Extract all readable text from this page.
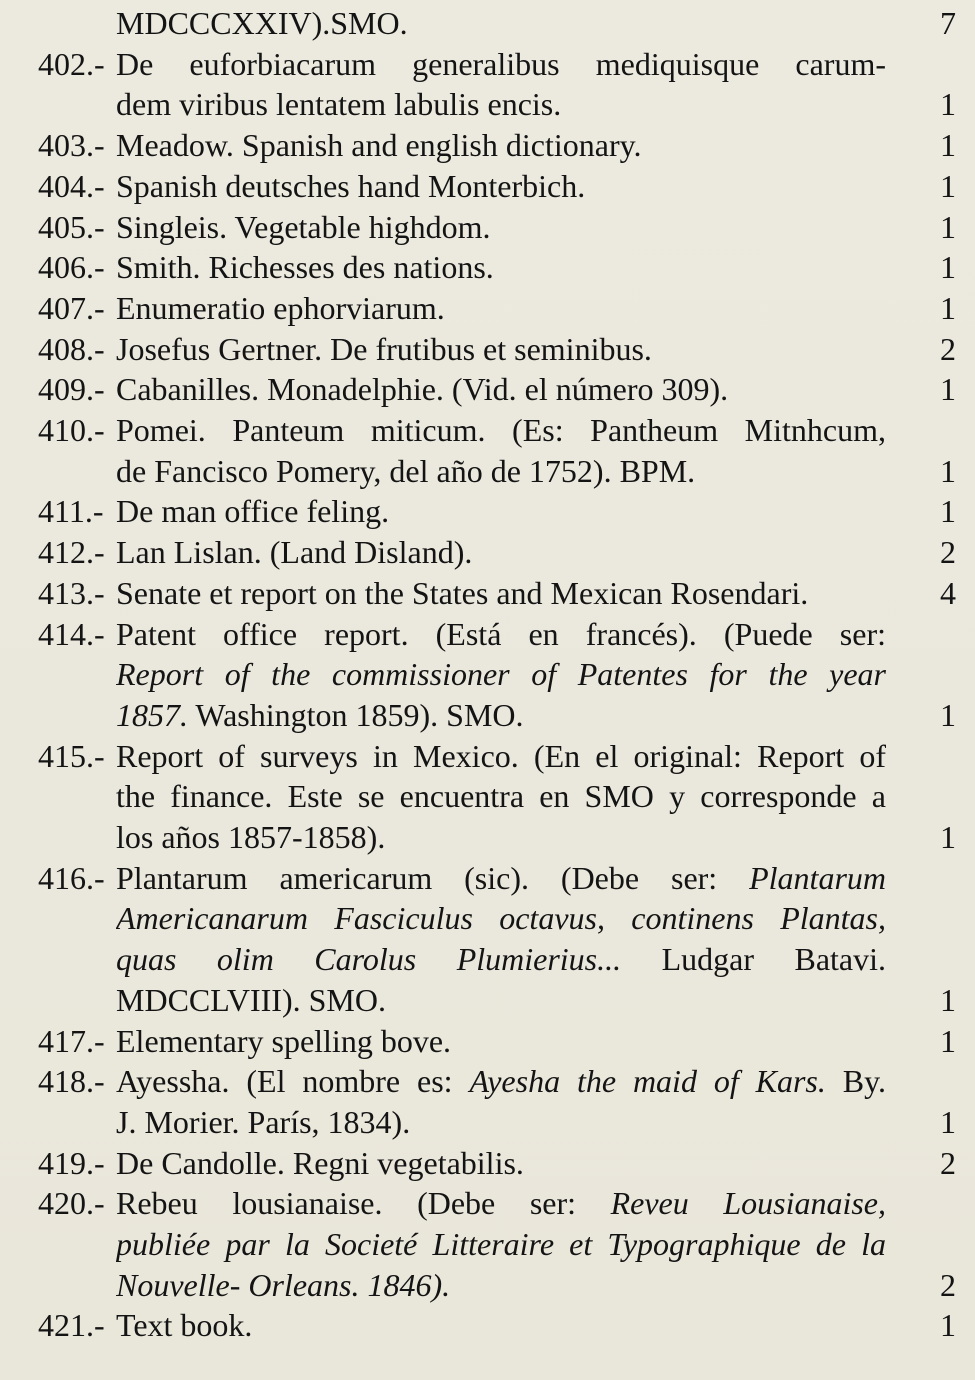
MDCCCXXIV).SMO.	7
402.- De euforbiacarum generalibus mediquisque carum-
dem viribus lentatem labulis encis.	1
403.- Meadow. Spanish and english dictionary.	1
404.- Spanish deutsches hand Monterbich.	1
405.- Singleis. Vegetable highdom.	1
406.- Smith. Richesses des nations.	1
407.- Enumeratio ephorviarum.	1
408.- Josefus Gertner. De frutibus et seminibus.	2
409.- Cabanilles. Monadelphie. (Vid. el número 309).	1
410.- Pomei. Panteum miticum. (Es: Pantheum Mitnhcum,
de Fancisco Pomery, del año de 1752). BPM.	1
411.- De man office feling.	1
412.- Lan Lislan. (Land Disland).	2
413.- Senate et report on the States and Mexican Rosendari.	4
414.- Patent office report. (Está en francés). (Puede ser:
Report of the commissioner of Patentes for the year
1857. Washington 1859). SMO.	1
415.- Report of surveys in Mexico. (En el original: Report of
the finance. Este se encuentra en SMO y corresponde a
los años 1857-1858).	1
416.- Plantarum americarum (sic). (Debe ser: Plantarum
Americanarum Fasciculus octavus, continens Plantas,
quas olim Carolus Plumierius... Ludgar Batavi.
MDCCLVIII). SMO.	1
417.- Elementary spelling bove.	1
418.- Ayessha. (El nombre es: Ayesha the maid of Kars. By.
J. Morier. París, 1834).	1
419.- De Candolle. Regni vegetabilis.	2
420.- Rebeu lousianaise. (Debe ser: Reveu Lousianaise,
publiée par la Societé Litteraire et Typographique de la
Nouvelle- Orleans. 1846).	2
421.- Text book.	1
